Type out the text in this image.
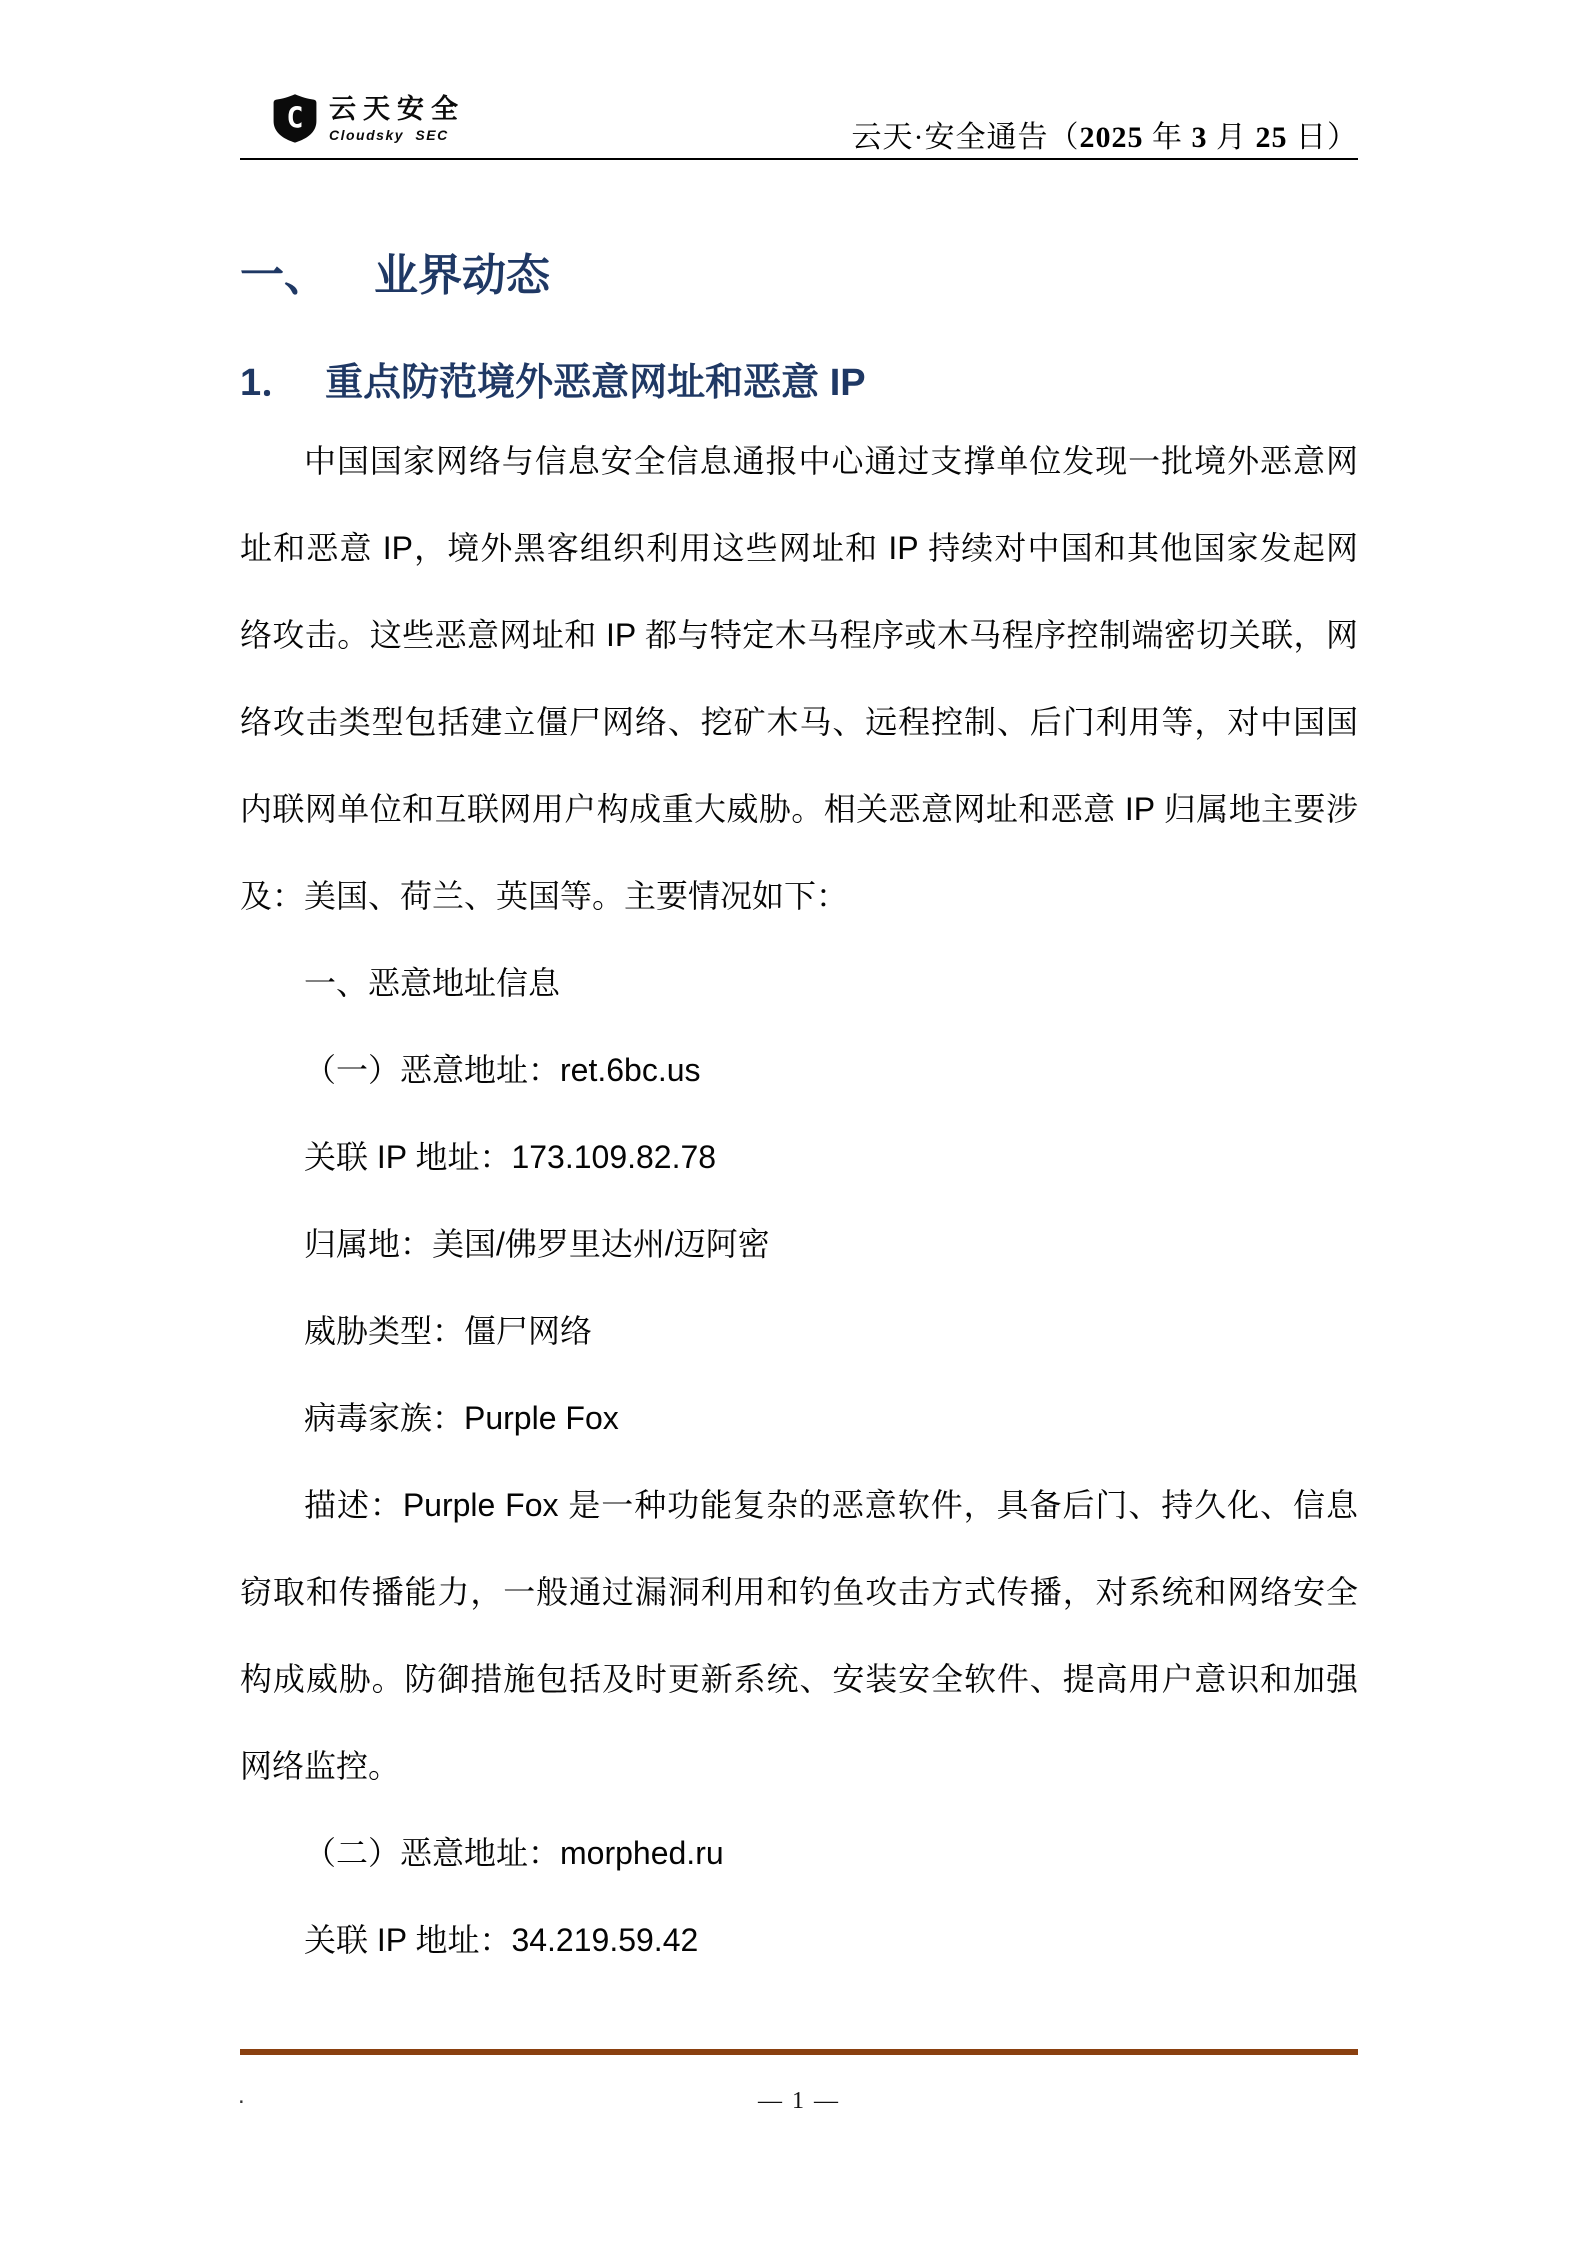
C 云天安全
Cloudsky SEC	云天·安全通告（2025 年 3 月 25 日）
一、 业界动态
1． 重点防范境外恶意网址和恶意 IP
中国国家网络与信息安全信息通报中心通过支撑单位发现一批境外恶意网
址和恶意 IP，境外黑客组织利用这些网址和 IP 持续对中国和其他国家发起网
络攻击。这些恶意网址和 IP 都与特定木马程序或木马程序控制端密切关联，网
络攻击类型包括建立僵尸网络、挖矿木马、远程控制、后门利用等，对中国国
内联网单位和互联网用户构成重大威胁。相关恶意网址和恶意 IP 归属地主要涉
及：美国、荷兰、英国等。主要情况如下：
一、恶意地址信息
（一）恶意地址：ret.6bc.us
关联 IP 地址：173.109.82.78
归属地：美国/佛罗里达州/迈阿密
威胁类型：僵尸网络
病毒家族：Purple Fox
描述：Purple Fox 是一种功能复杂的恶意软件，具备后门、持久化、信息
窃取和传播能力，一般通过漏洞利用和钓鱼攻击方式传播，对系统和网络安全
构成威胁。防御措施包括及时更新系统、安装安全软件、提高用户意识和加强
网络监控。
（二）恶意地址：morphed.ru
关联 IP 地址：34.219.59.42
.	— 1 —
